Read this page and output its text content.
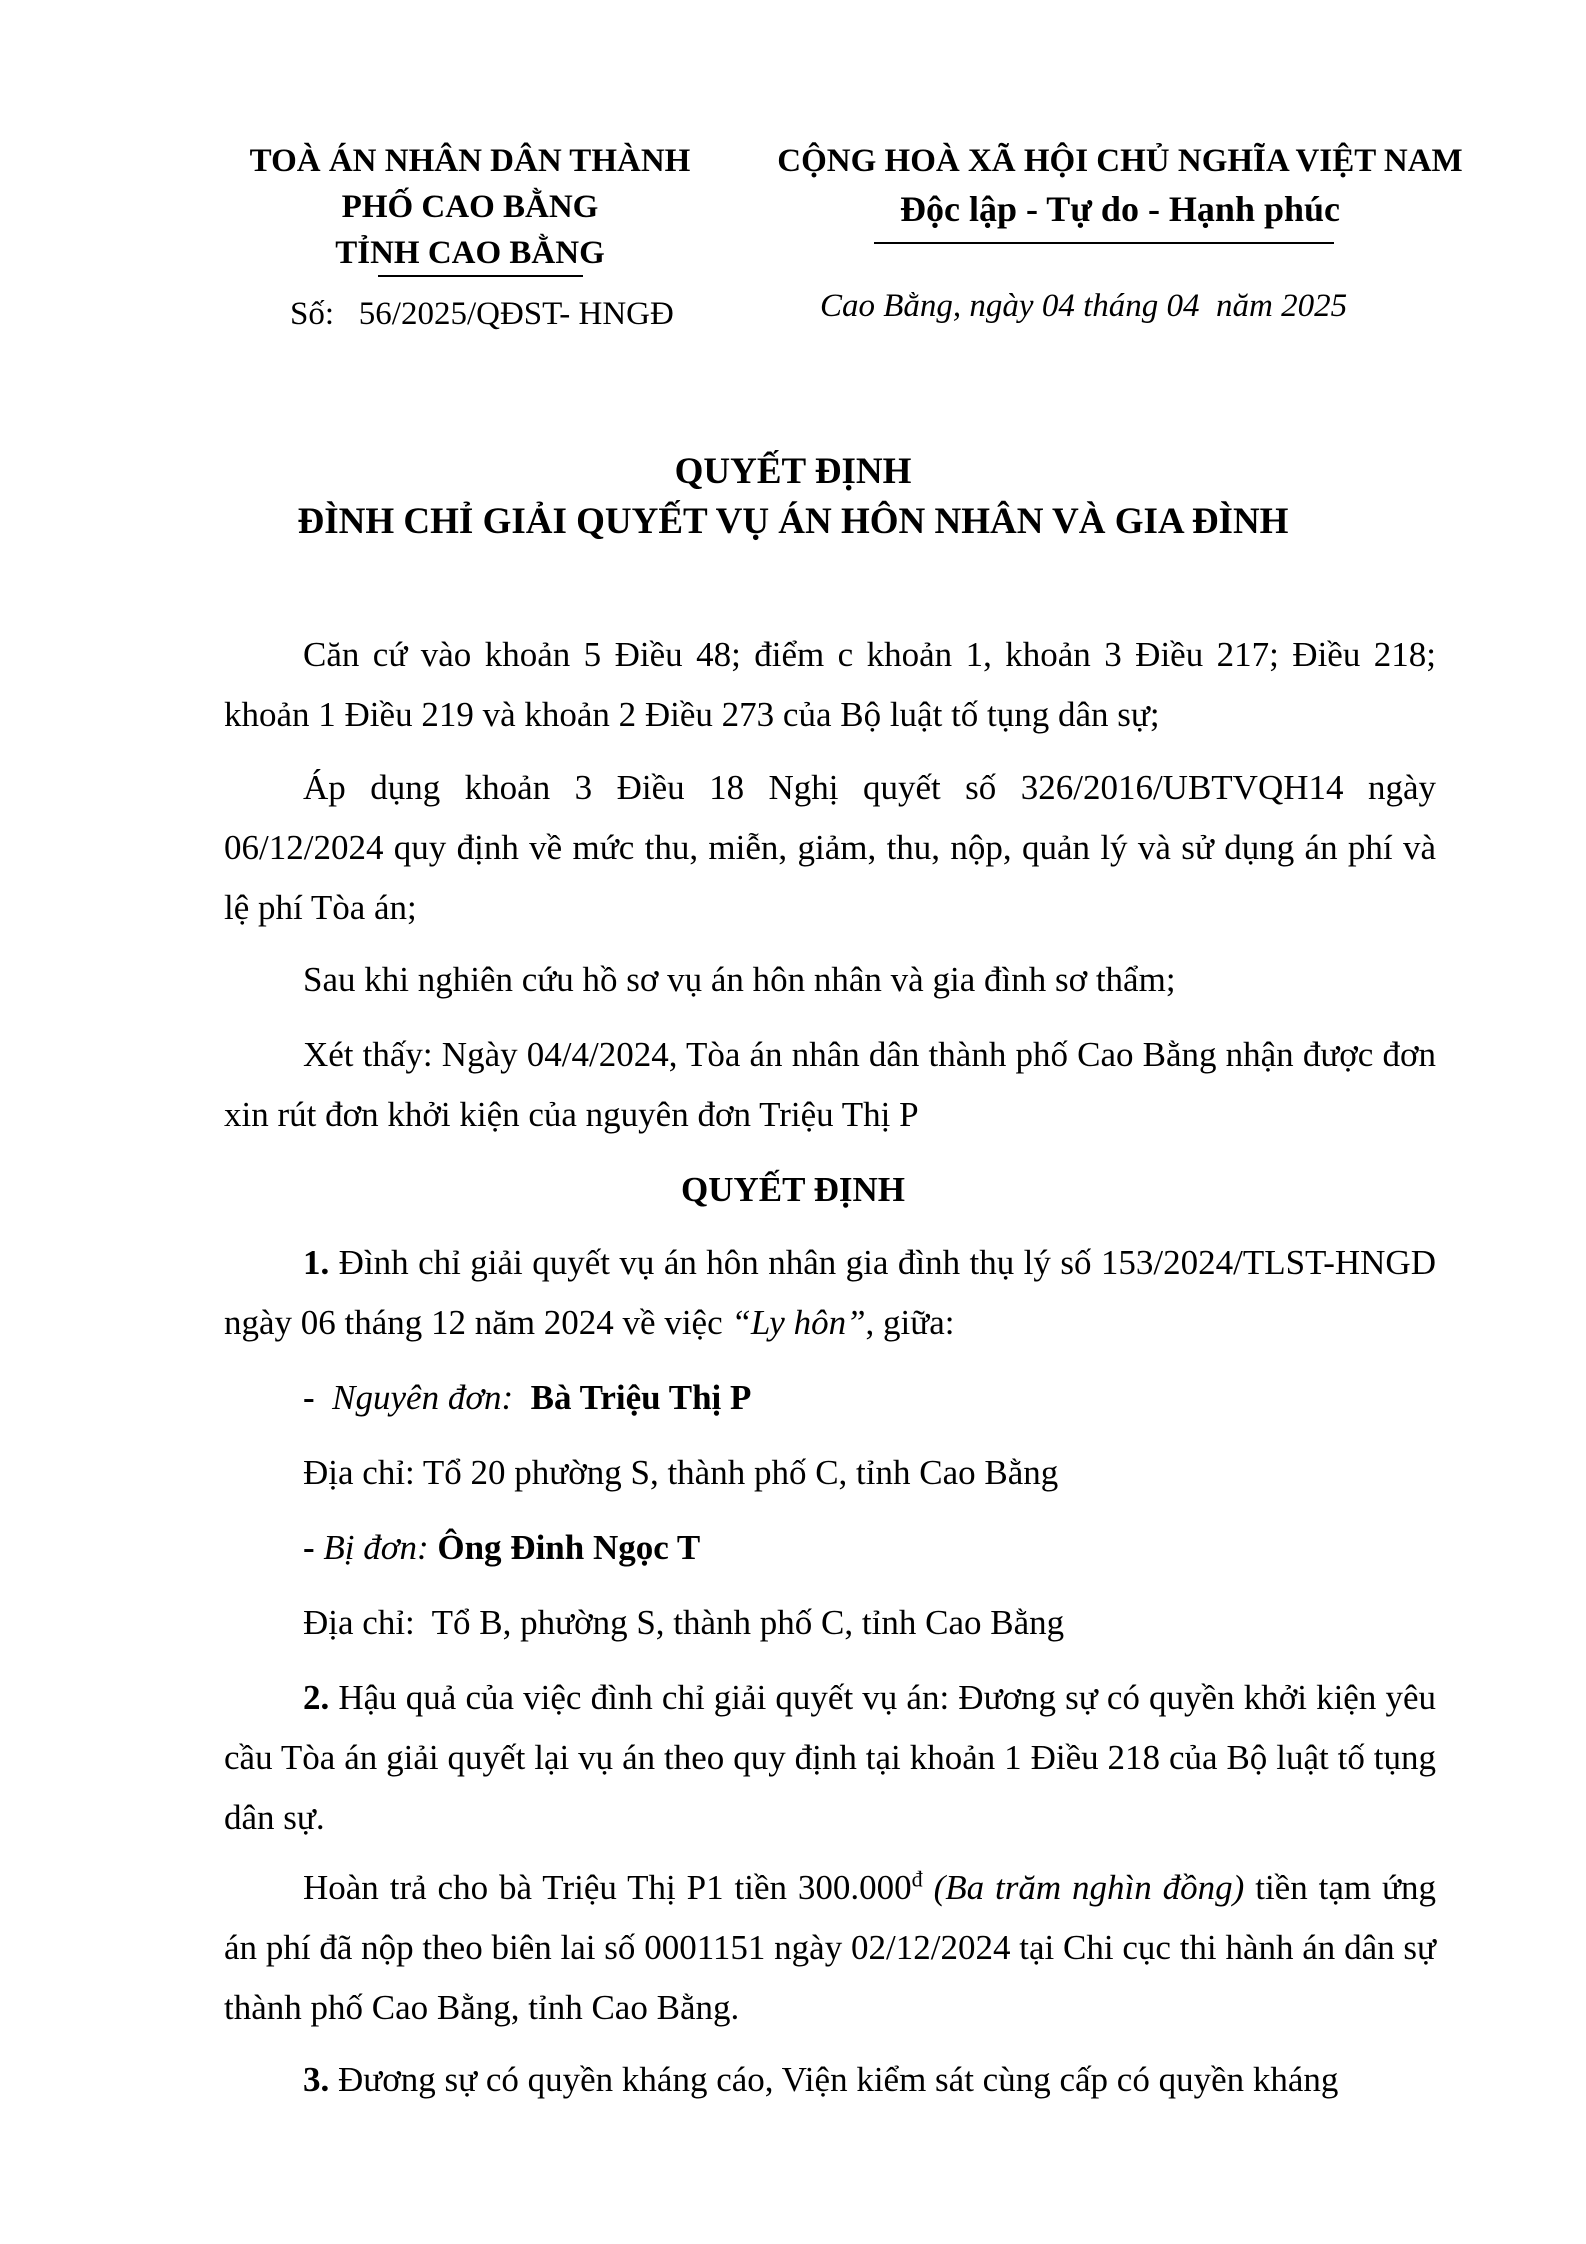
TOÀ ÁN NHÂN DÂN THÀNH
PHỐ CAO BẰNG
TỈNH CAO BẰNG
Số:   56/2025/QĐST- HNGĐ
CỘNG HOÀ XÃ HỘI CHỦ NGHĨA VIỆT NAM
Độc lập - Tự do - Hạnh phúc
Cao Bằng, ngày 04 tháng 04  năm 2025
QUYẾT ĐỊNH
ĐÌNH CHỈ GIẢI QUYẾT VỤ ÁN HÔN NHÂN VÀ GIA ĐÌNH
Căn cứ vào khoản 5 Điều 48; điểm c khoản 1, khoản 3 Điều 217; Điều 218; khoản 1 Điều 219 và khoản 2 Điều 273 của Bộ luật tố tụng dân sự;
Áp dụng khoản 3 Điều 18 Nghị quyết số 326/2016/UBTVQH14 ngày 06/12/2024 quy định về mức thu, miễn, giảm, thu, nộp, quản lý và sử dụng án phí và lệ phí Tòa án;
Sau khi nghiên cứu hồ sơ vụ án hôn nhân và gia đình sơ thẩm;
Xét thấy: Ngày 04/4/2024, Tòa án nhân dân thành phố Cao Bằng nhận được đơn xin rút đơn khởi kiện của nguyên đơn Triệu Thị P
QUYẾT ĐỊNH
1. Đình chỉ giải quyết vụ án hôn nhân gia đình thụ lý số 153/2024/TLST-HNGD ngày 06 tháng 12 năm 2024 về việc “Ly hôn”, giữa:
-  Nguyên đơn:  Bà Triệu Thị P
Địa chỉ: Tổ 20 phường S, thành phố C, tỉnh Cao Bằng
- Bị đơn: Ông Đinh Ngọc T
Địa chỉ:  Tổ B, phường S, thành phố C, tỉnh Cao Bằng
2. Hậu quả của việc đình chỉ giải quyết vụ án: Đương sự có quyền khởi kiện yêu cầu Tòa án giải quyết lại vụ án theo quy định tại khoản 1 Điều 218 của Bộ luật tố tụng dân sự.
Hoàn trả cho bà Triệu Thị P1 tiền $300.000^đ$ (Ba trăm nghìn đồng) tiền tạm ứng án phí đã nộp theo biên lai số 0001151 ngày 02/12/2024 tại Chi cục thi hành án dân sự thành phố Cao Bằng, tỉnh Cao Bằng.
3. Đương sự có quyền kháng cáo, Viện kiểm sát cùng cấp có quyền kháng
